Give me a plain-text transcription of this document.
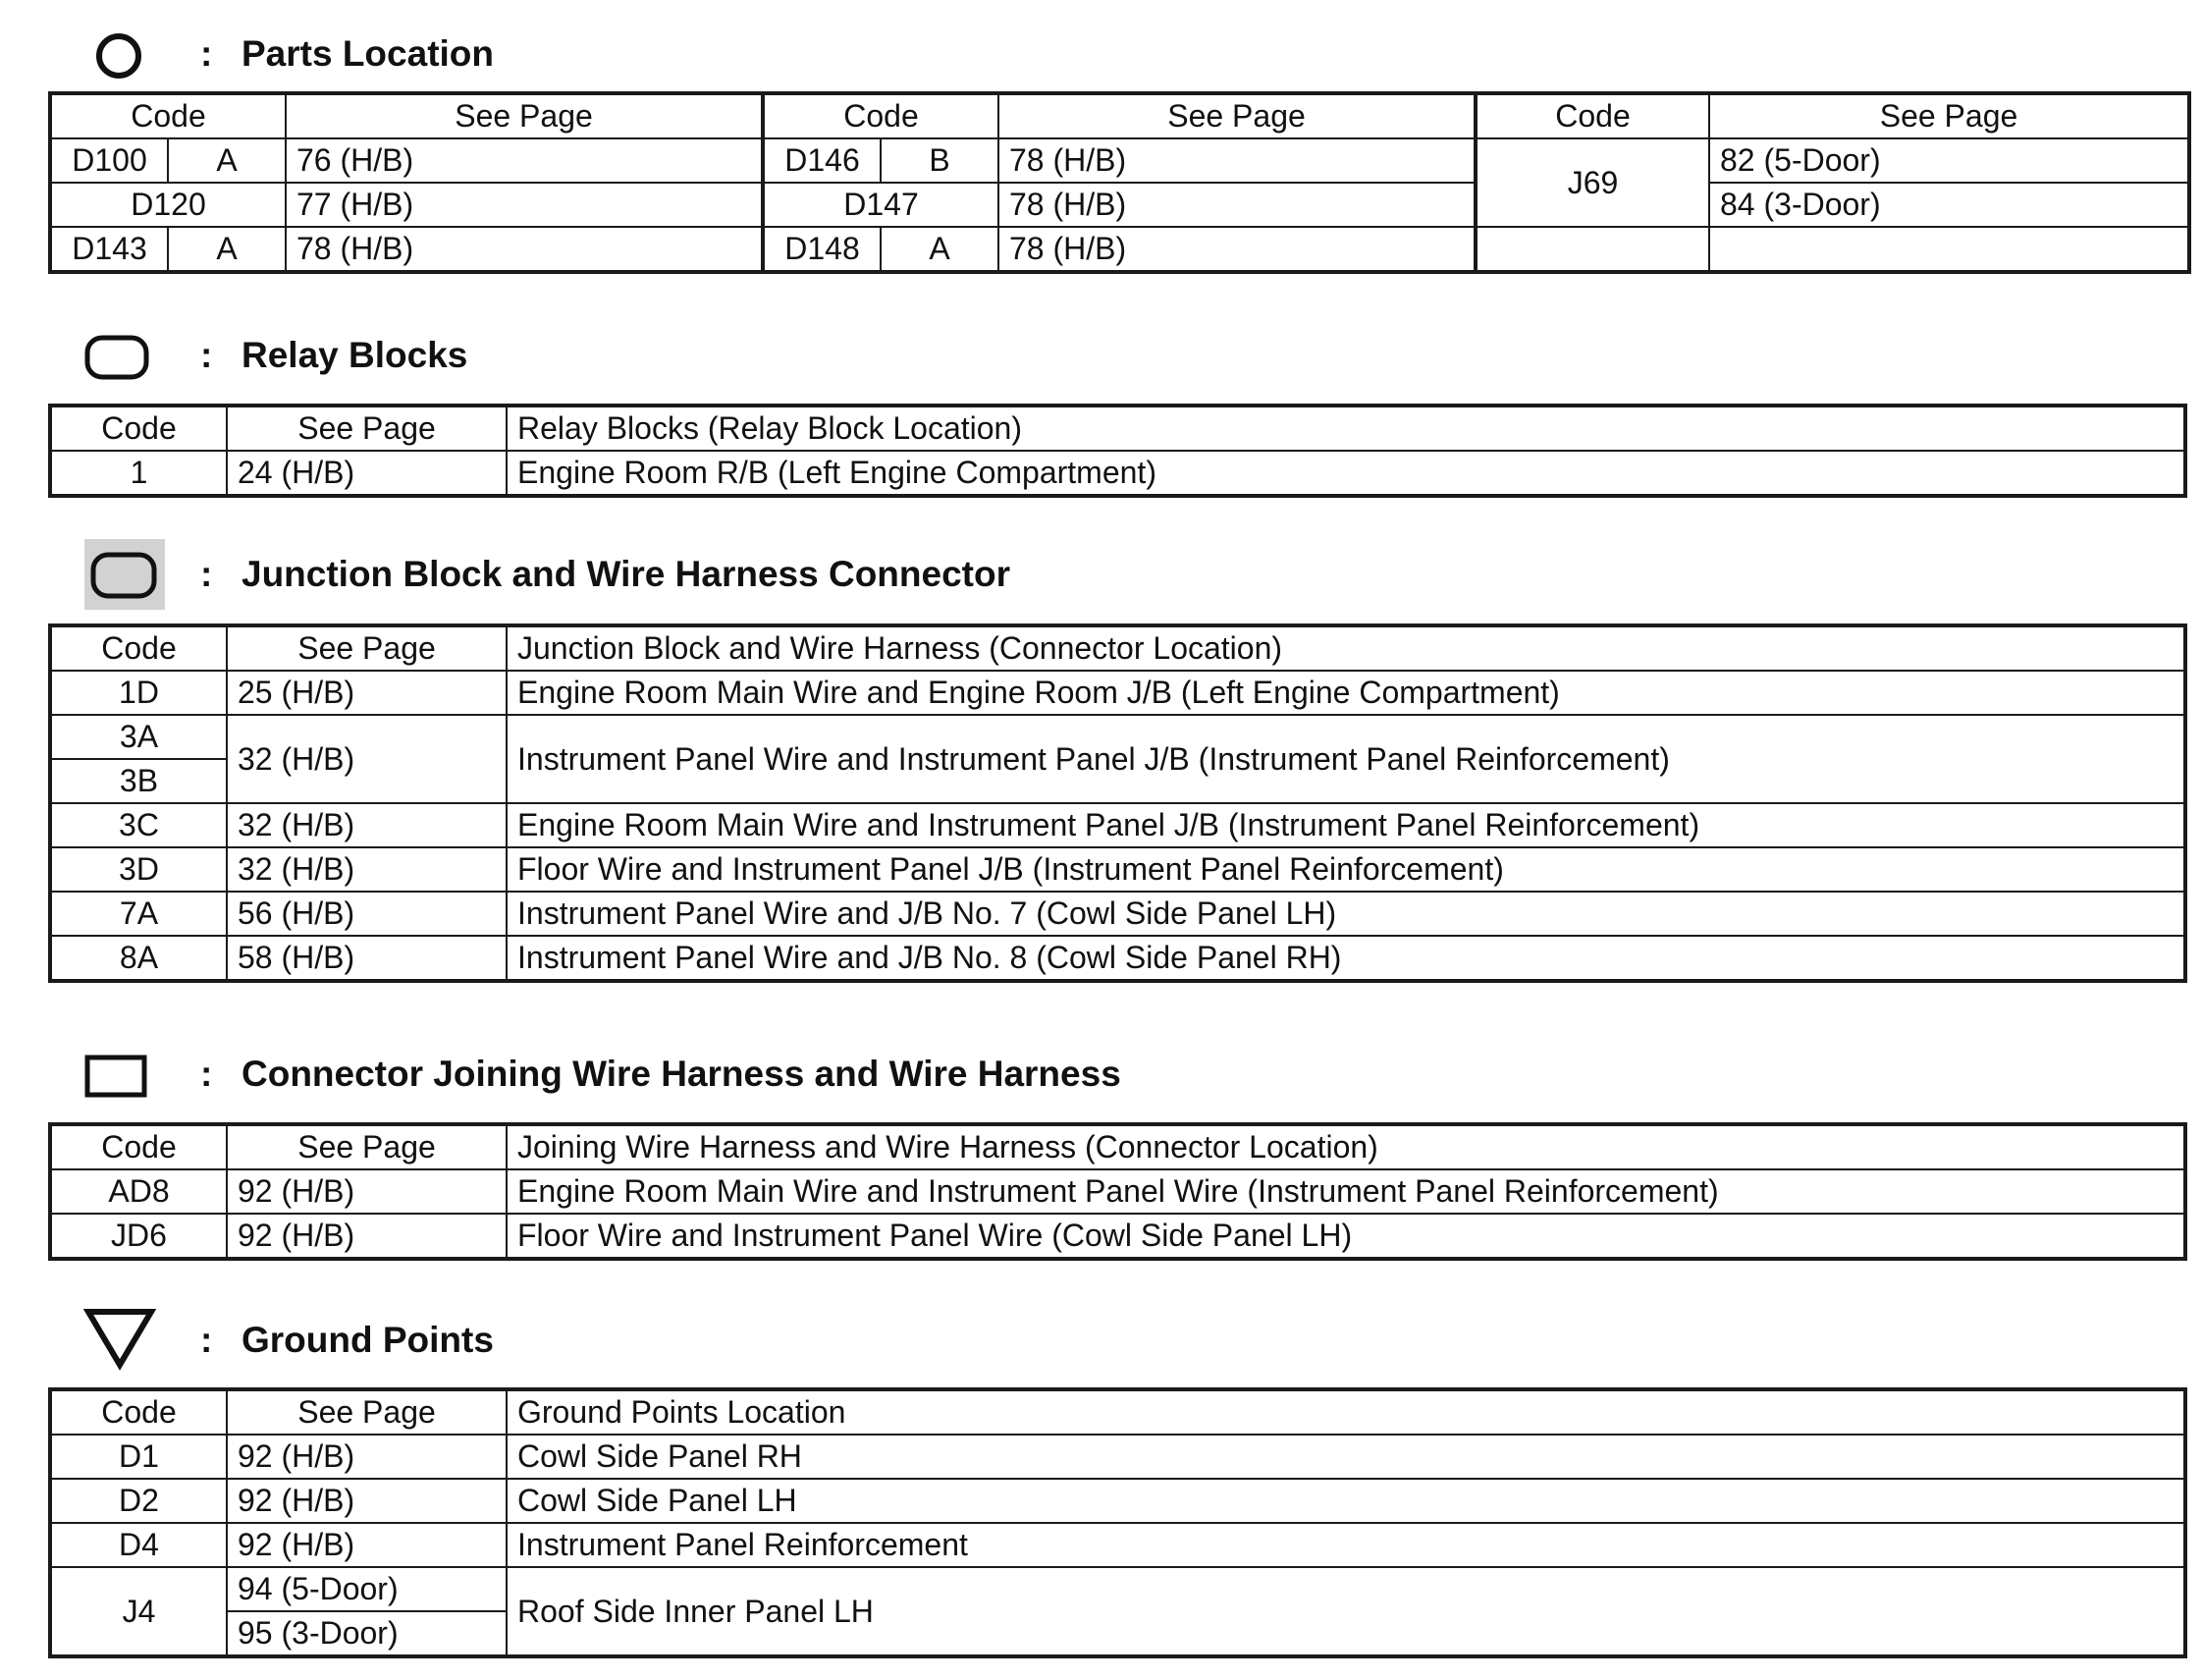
: Parts Location
Code		See Page	Code		See Page	Code	See Page
D100	A	76 (H/B)	D146	B	78 (H/B)	J69	82 (5-Door)
D120		77 (H/B)	D147		78 (H/B)		84 (3-Door)
D143	A	78 (H/B)	D148	A	78 (H/B)		
: Relay Blocks
Code	See Page	Relay Blocks (Relay Block Location)
1	24 (H/B)	Engine Room R/B (Left Engine Compartment)
: Junction Block and Wire Harness Connector
Code	See Page	Junction Block and Wire Harness (Connector Location)
1D	25 (H/B)	Engine Room Main Wire and Engine Room J/B (Left Engine Compartment)
3A	32 (H/B)	Instrument Panel Wire and Instrument Panel J/B (Instrument Panel Reinforcement)
3B		
3C	32 (H/B)	Engine Room Main Wire and Instrument Panel J/B (Instrument Panel Reinforcement)
3D	32 (H/B)	Floor Wire and Instrument Panel J/B (Instrument Panel Reinforcement)
7A	56 (H/B)	Instrument Panel Wire and J/B No. 7 (Cowl Side Panel LH)
8A	58 (H/B)	Instrument Panel Wire and J/B No. 8 (Cowl Side Panel RH)
: Connector Joining Wire Harness and Wire Harness
Code	See Page	Joining Wire Harness and Wire Harness (Connector Location)
AD8	92 (H/B)	Engine Room Main Wire and Instrument Panel Wire (Instrument Panel Reinforcement)
JD6	92 (H/B)	Floor Wire and Instrument Panel Wire (Cowl Side Panel LH)
: Ground Points
Code	See Page	Ground Points Location
D1	92 (H/B)	Cowl Side Panel RH
D2	92 (H/B)	Cowl Side Panel LH
D4	92 (H/B)	Instrument Panel Reinforcement
J4	94 (5-Door)	Roof Side Inner Panel LH
	95 (3-Door)	
